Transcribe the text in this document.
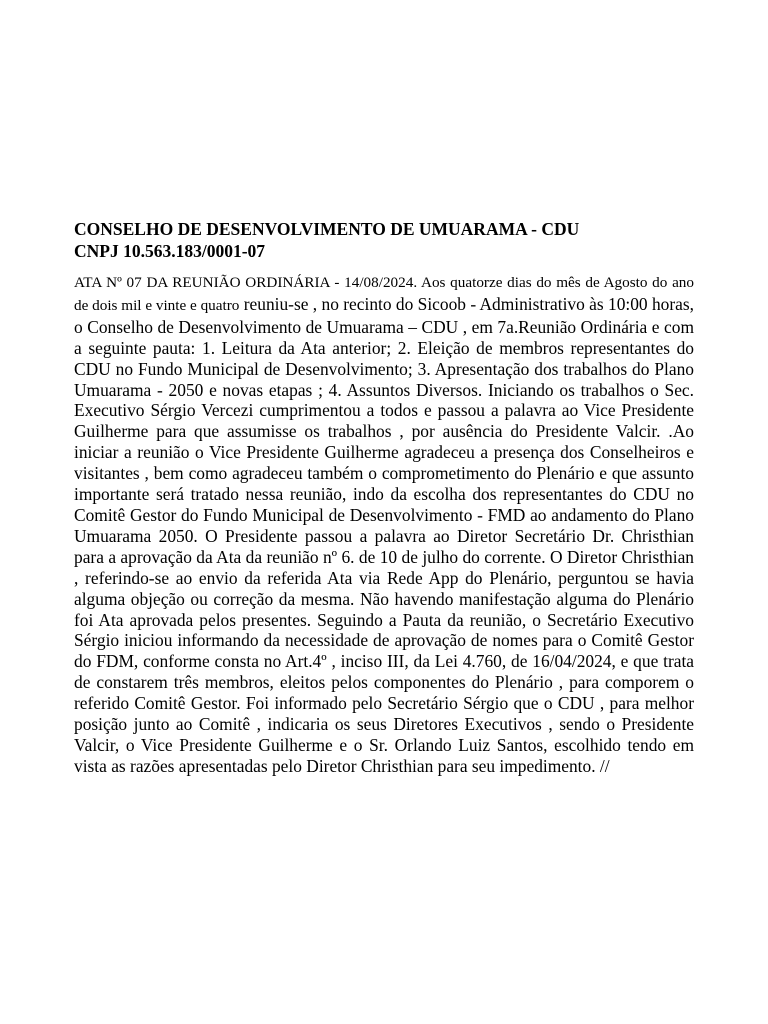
CONSELHO DE DESENVOLVIMENTO DE UMUARAMA - CDU

CNPJ 10.563.183/0001-07

ATA Nº 07 DA REUNIÃO ORDINÁRIA - 14/08/2024. Aos quatorze dias do mês de Agosto do ano de dois mil e vinte e quatro reuniu-se , no recinto do Sicoob - Administrativo às 10:00 horas, o Conselho de Desenvolvimento de Umuarama – CDU , em 7a.Reunião Ordinária e com a seguinte pauta: 1. Leitura da Ata anterior; 2. Eleição de membros representantes do CDU no Fundo Municipal de Desenvolvimento; 3. Apresentação dos trabalhos do Plano Umuarama - 2050 e novas etapas ; 4. Assuntos Diversos. Iniciando os trabalhos o Sec. Executivo Sérgio Vercezi cumprimentou a todos e passou a palavra ao Vice Presidente Guilherme para que assumisse os trabalhos , por ausência do Presidente Valcir. .Ao iniciar a reunião o Vice Presidente Guilherme agradeceu a presença dos Conselheiros e visitantes , bem como agradeceu também o comprometimento do Plenário e que assunto importante será tratado nessa reunião, indo da escolha dos representantes do CDU no Comitê Gestor do Fundo Municipal de Desenvolvimento - FMD ao andamento do Plano Umuarama 2050. O Presidente passou a palavra ao Diretor Secretário Dr. Christhian para a aprovação da Ata da reunião nº 6. de 10 de julho do corrente. O Diretor Christhian , referindo-se ao envio da referida Ata via Rede App do Plenário, perguntou se havia alguma objeção ou correção da mesma. Não havendo manifestação alguma do Plenário foi Ata aprovada pelos presentes. Seguindo a Pauta da reunião, o Secretário Executivo Sérgio iniciou informando da necessidade de aprovação de nomes para o Comitê Gestor do FDM, conforme consta no Art.4º , inciso III, da Lei 4.760, de 16/04/2024, e que trata de constarem três membros, eleitos pelos componentes do Plenário , para comporem o referido Comitê Gestor. Foi informado pelo Secretário Sérgio que o CDU , para melhor posição junto ao Comitê , indicaria os seus Diretores Executivos , sendo o Presidente Valcir, o Vice Presidente Guilherme e o Sr. Orlando Luiz Santos, escolhido tendo em vista as razões apresentadas pelo Diretor Christhian para seu impedimento. //
